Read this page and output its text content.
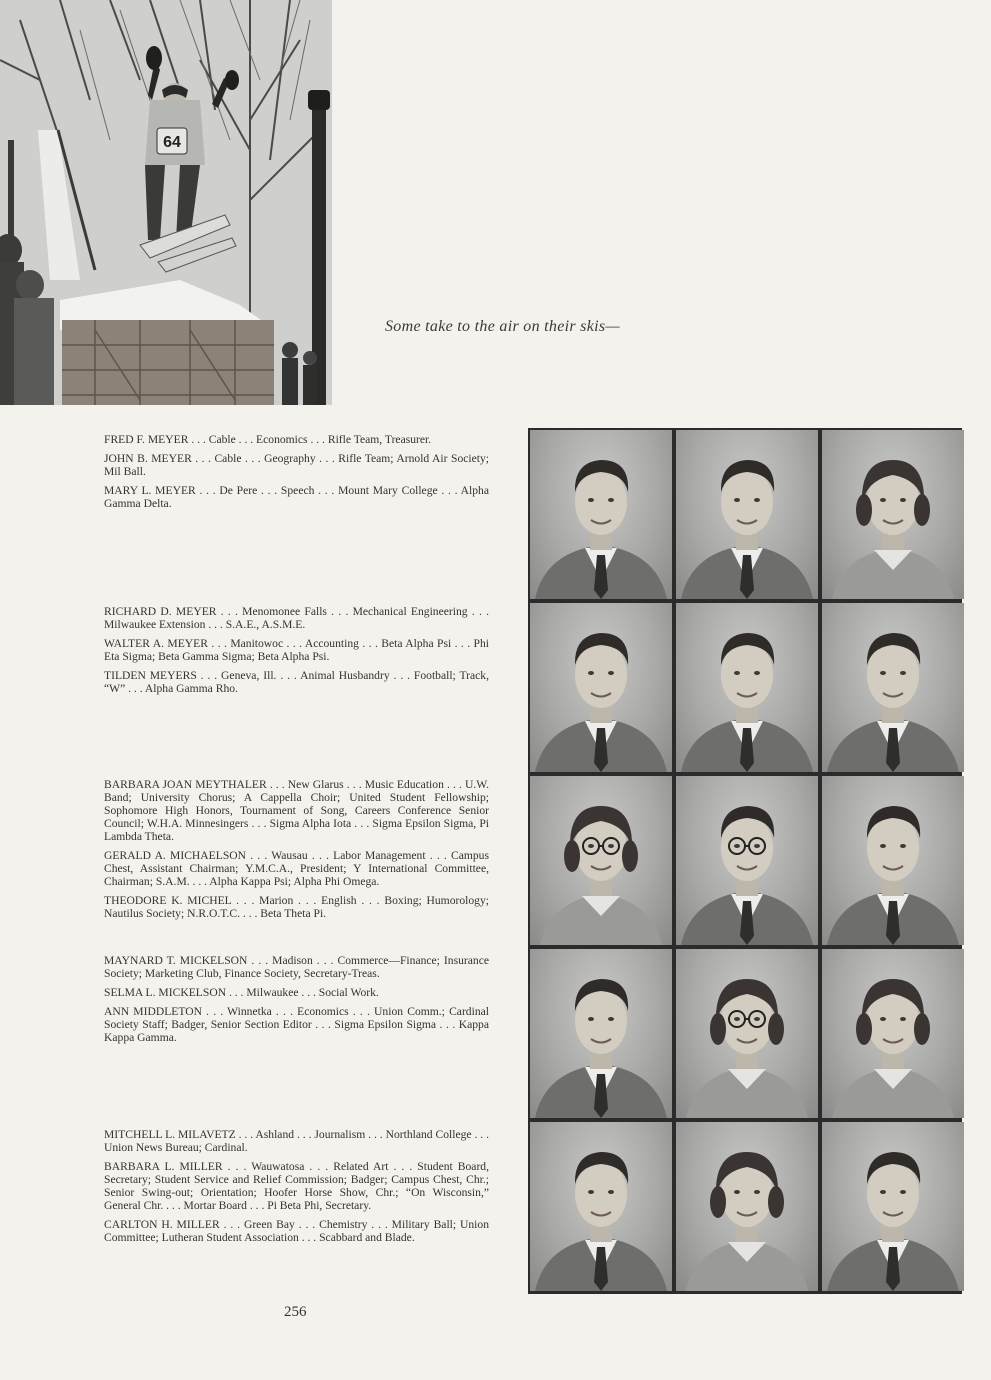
64
Some take to the air on their skis—

FRED F. MEYER . . . Cable . . . Economics . . . Rifle Team, Treasurer.

JOHN B. MEYER . . . Cable . . . Geography . . . Rifle Team; Arnold Air Society; Mil Ball.

MARY L. MEYER . . . De Pere . . . Speech . . . Mount Mary College . . . Alpha Gamma Delta.

RICHARD D. MEYER . . . Menomonee Falls . . . Mechanical Engineering . . . Milwaukee Extension . . . S.A.E., A.S.M.E.

WALTER A. MEYER . . . Manitowoc . . . Accounting . . . Beta Alpha Psi . . . Phi Eta Sigma; Beta Gamma Sigma; Beta Alpha Psi.

TILDEN MEYERS . . . Geneva, Ill. . . . Animal Husbandry . . . Football; Track, “W” . . . Alpha Gamma Rho.

BARBARA JOAN MEYTHALER . . . New Glarus . . . Music Education . . . U.W. Band; University Chorus; A Cappella Choir; United Student Fellowship; Sophomore High Honors, Tournament of Song, Careers Conference Senior Council; W.H.A. Minnesingers . . . Sigma Alpha Iota . . . Sigma Epsilon Sigma, Pi Lambda Theta.

GERALD A. MICHAELSON . . . Wausau . . . Labor Management . . . Campus Chest, Assistant Chairman; Y.M.C.A., President; Y International Committee, Chairman; S.A.M. . . . Alpha Kappa Psi; Alpha Phi Omega.

THEODORE K. MICHEL . . . Marion . . . English . . . Boxing; Humorology; Nautilus Society; N.R.O.T.C. . . . Beta Theta Pi.

MAYNARD T. MICKELSON . . . Madison . . . Commerce—Finance; Insurance Society; Marketing Club, Finance Society, Secretary-Treas.

SELMA L. MICKELSON . . . Milwaukee . . . Social Work.

ANN MIDDLETON . . . Winnetka . . . Economics . . . Union Comm.; Cardinal Society Staff; Badger, Senior Section Editor . . . Sigma Epsilon Sigma . . . Kappa Kappa Gamma.

MITCHELL L. MILAVETZ . . . Ashland . . . Journalism . . . Northland College . . . Union News Bureau; Cardinal.

BARBARA L. MILLER . . . Wauwatosa . . . Related Art . . . Student Board, Secretary; Student Service and Relief Commission; Badger; Campus Chest, Chr.; Senior Swing-out; Orientation; Hoofer Horse Show, Chr.; “On Wisconsin,” General Chr. . . . Mortar Board . . . Pi Beta Phi, Secretary.

CARLTON H. MILLER . . . Green Bay . . . Chemistry . . . Military Ball; Union Committee; Lutheran Student Association . . . Scabbard and Blade.

256
